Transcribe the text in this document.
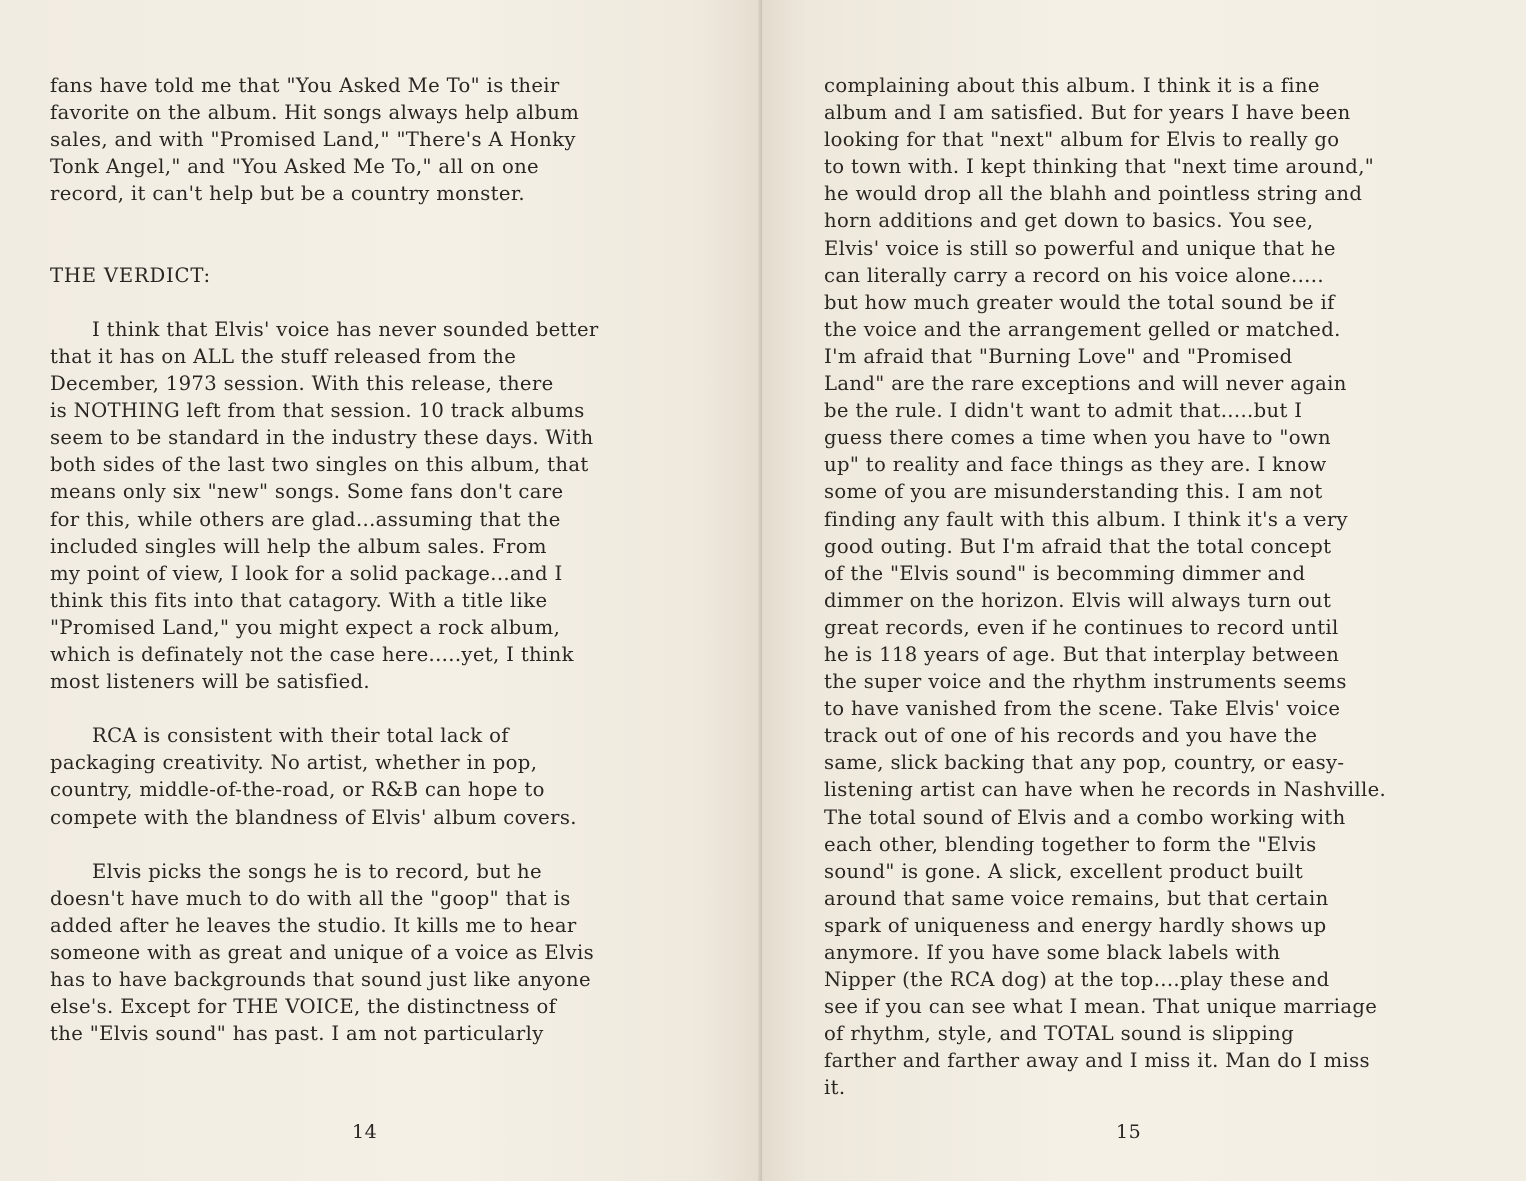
fans have told me that "You Asked Me To" is their
favorite on the album. Hit songs always help album
sales, and with "Promised Land," "There's A Honky
Tonk Angel," and "You Asked Me To," all on one
record, it can't help but be a country monster.
THE VERDICT:
I think that Elvis' voice has never sounded better
that it has on ALL the stuff released from the
December, 1973 session. With this release, there
is NOTHING left from that session. 10 track albums
seem to be standard in the industry these days. With
both sides of the last two singles on this album, that
means only six "new" songs. Some fans don't care
for this, while others are glad...assuming that the
included singles will help the album sales. From
my point of view, I look for a solid package...and I
think this fits into that catagory. With a title like
"Promised Land," you might expect a rock album,
which is definately not the case here.....yet, I think
most listeners will be satisfied.
RCA is consistent with their total lack of
packaging creativity. No artist, whether in pop,
country, middle-of-the-road, or R&B can hope to
compete with the blandness of Elvis' album covers.
Elvis picks the songs he is to record, but he
doesn't have much to do with all the "goop" that is
added after he leaves the studio. It kills me to hear
someone with as great and unique of a voice as Elvis
has to have backgrounds that sound just like anyone
else's. Except for THE VOICE, the distinctness of
the "Elvis sound" has past. I am not particularly
14
complaining about this album. I think it is a fine
album and I am satisfied. But for years I have been
looking for that "next" album for Elvis to really go
to town with. I kept thinking that "next time around,"
he would drop all the blahh and pointless string and
horn additions and get down to basics. You see,
Elvis' voice is still so powerful and unique that he
can literally carry a record on his voice alone.....
but how much greater would the total sound be if
the voice and the arrangement gelled or matched.
I'm afraid that "Burning Love" and "Promised
Land" are the rare exceptions and will never again
be the rule. I didn't want to admit that.....but I
guess there comes a time when you have to "own
up" to reality and face things as they are. I know
some of you are misunderstanding this. I am not
finding any fault with this album. I think it's a very
good outing. But I'm afraid that the total concept
of the "Elvis sound" is becomming dimmer and
dimmer on the horizon. Elvis will always turn out
great records, even if he continues to record until
he is 118 years of age. But that interplay between
the super voice and the rhythm instruments seems
to have vanished from the scene. Take Elvis' voice
track out of one of his records and you have the
same, slick backing that any pop, country, or easy-
listening artist can have when he records in Nashville.
The total sound of Elvis and a combo working with
each other, blending together to form the "Elvis
sound" is gone. A slick, excellent product built
around that same voice remains, but that certain
spark of uniqueness and energy hardly shows up
anymore. If you have some black labels with
Nipper (the RCA dog) at the top....play these and
see if you can see what I mean. That unique marriage
of rhythm, style, and TOTAL sound is slipping
farther and farther away and I miss it. Man do I miss
it.
15
